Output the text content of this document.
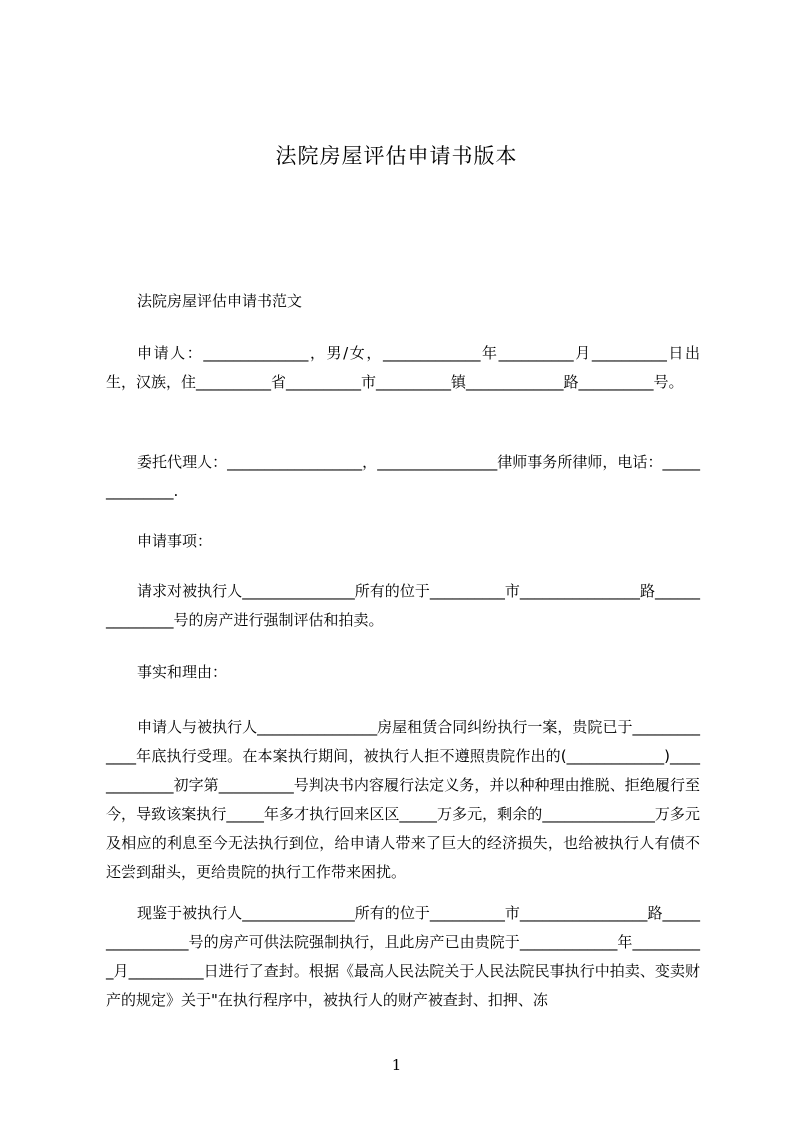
法院房屋评估申请书版本

法院房屋评估申请书范文

申请人：______________，男/女，_____________年__________月__________日出生，汉族，住__________省__________市__________镇_____________路__________号。

委托代理人：__________________，________________律师事务所律师，电话：______________.

申请事项：

请求对被执行人_______________所有的位于__________市________________路_______________号的房产进行强制评估和拍卖。

事实和理由：

申请人与被执行人________________房屋租赁合同纠纷执行一案，贵院已于_____________年底执行受理。在本案执行期间，被执行人拒不遵照贵院作出的(_____________)_____________初字第__________号判决书内容履行法定义务，并以种种理由推脱、拒绝履行至今，导致该案执行_____年多才执行回来区区_____万多元，剩余的_______________万多元及相应的利息至今无法执行到位，给申请人带来了巨大的经济损失，也给被执行人有债不还尝到甜头，更给贵院的执行工作带来困扰。

现鉴于被执行人_______________所有的位于__________市_________________路________________号的房产可供法院强制执行，且此房产已由贵院于_____________年__________月__________日进行了查封。根据《最高人民法院关于人民法院民事执行中拍卖、变卖财产的规定》关于"在执行程序中，被执行人的财产被查封、扣押、冻

1
